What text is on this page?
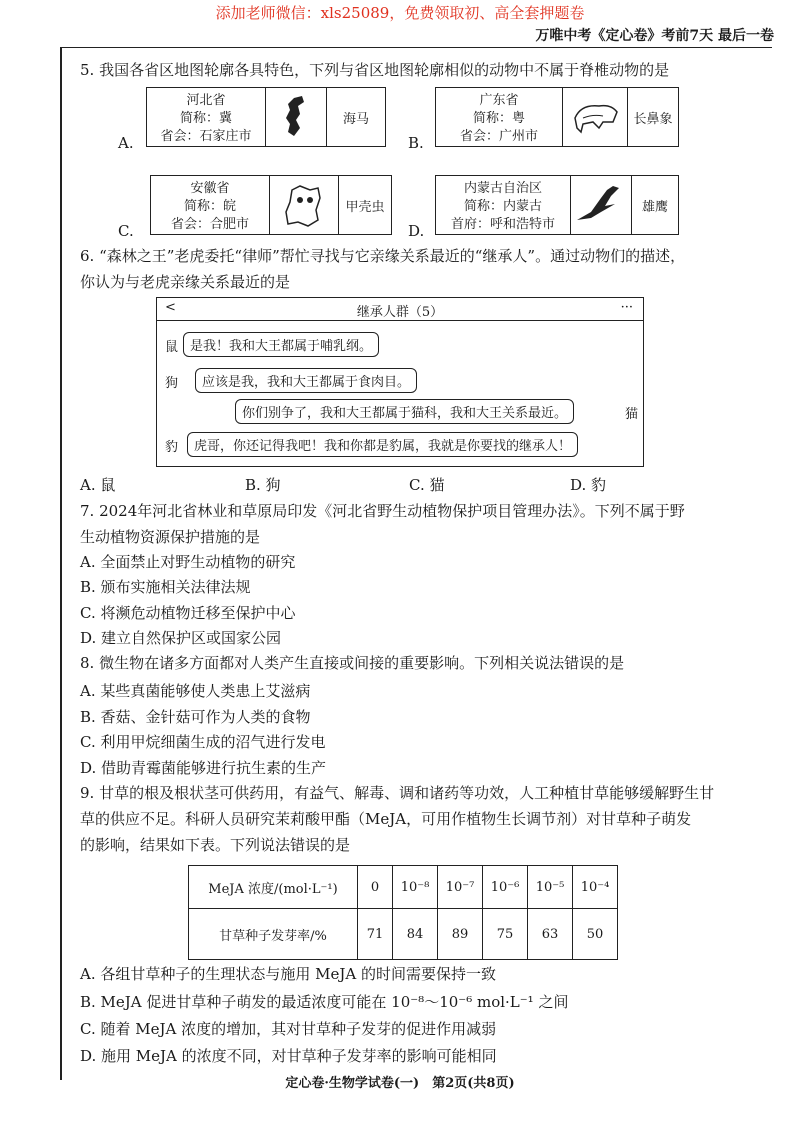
添加老师微信：xls25089，免费领取初、高全套押题卷
万唯中考《定心卷》考前7天 最后一卷
5. 我国各省区地图轮廓各具特色，下列与省区地图轮廓相似的动物中不属于脊椎动物的是
A.
河北省
简称：冀
省会：石家庄市
海马
B.
广东省
简称：粤
省会：广州市
长鼻象
C.
安徽省
简称：皖
省会：合肥市
甲壳虫
D.
内蒙古自治区
简称：内蒙古
首府：呼和浩特市
雄鹰
6. “森林之王”老虎委托“律师”帮忙寻找与它亲缘关系最近的“继承人”。通过动物们的描述，
你认为与老虎亲缘关系最近的是
<	继承人群（5）	···
鼠 是我！我和大王都属于哺乳纲。
狗	应该是我，我和大王都属于食肉目。
你们别争了，我和大王都属于猫科，我和大王关系最近。	猫
豹	虎哥，你还记得我吧！我和你都是豹属，我就是你要找的继承人！
A. 鼠	B. 狗	C. 猫	D. 豹
7. 2024年河北省林业和草原局印发《河北省野生动植物保护项目管理办法》。下列不属于野
生动植物资源保护措施的是
A. 全面禁止对野生动植物的研究
B. 颁布实施相关法律法规
C. 将濒危动植物迁移至保护中心
D. 建立自然保护区或国家公园
8. 微生物在诸多方面都对人类产生直接或间接的重要影响。下列相关说法错误的是
A. 某些真菌能够使人类患上艾滋病
B. 香菇、金针菇可作为人类的食物
C. 利用甲烷细菌生成的沼气进行发电
D. 借助青霉菌能够进行抗生素的生产
9. 甘草的根及根状茎可供药用，有益气、解毒、调和诸药等功效，人工种植甘草能够缓解野生甘
草的供应不足。科研人员研究茉莉酸甲酯（MeJA，可用作植物生长调节剂）对甘草种子萌发
的影响，结果如下表。下列说法错误的是
MeJA 浓度/(mol·L⁻¹)	0	10⁻⁸	10⁻⁷	10⁻⁶	10⁻⁵	10⁻⁴
甘草种子发芽率/%	71	84	89	75	63	50
A. 各组甘草种子的生理状态与施用 MeJA 的时间需要保持一致
B. MeJA 促进甘草种子萌发的最适浓度可能在 10⁻⁸～10⁻⁶ mol·L⁻¹ 之间
C. 随着 MeJA 浓度的增加，其对甘草种子发芽的促进作用减弱
D. 施用 MeJA 的浓度不同，对甘草种子发芽率的影响可能相同
定心卷·生物学试卷(一)　第2页(共8页)
